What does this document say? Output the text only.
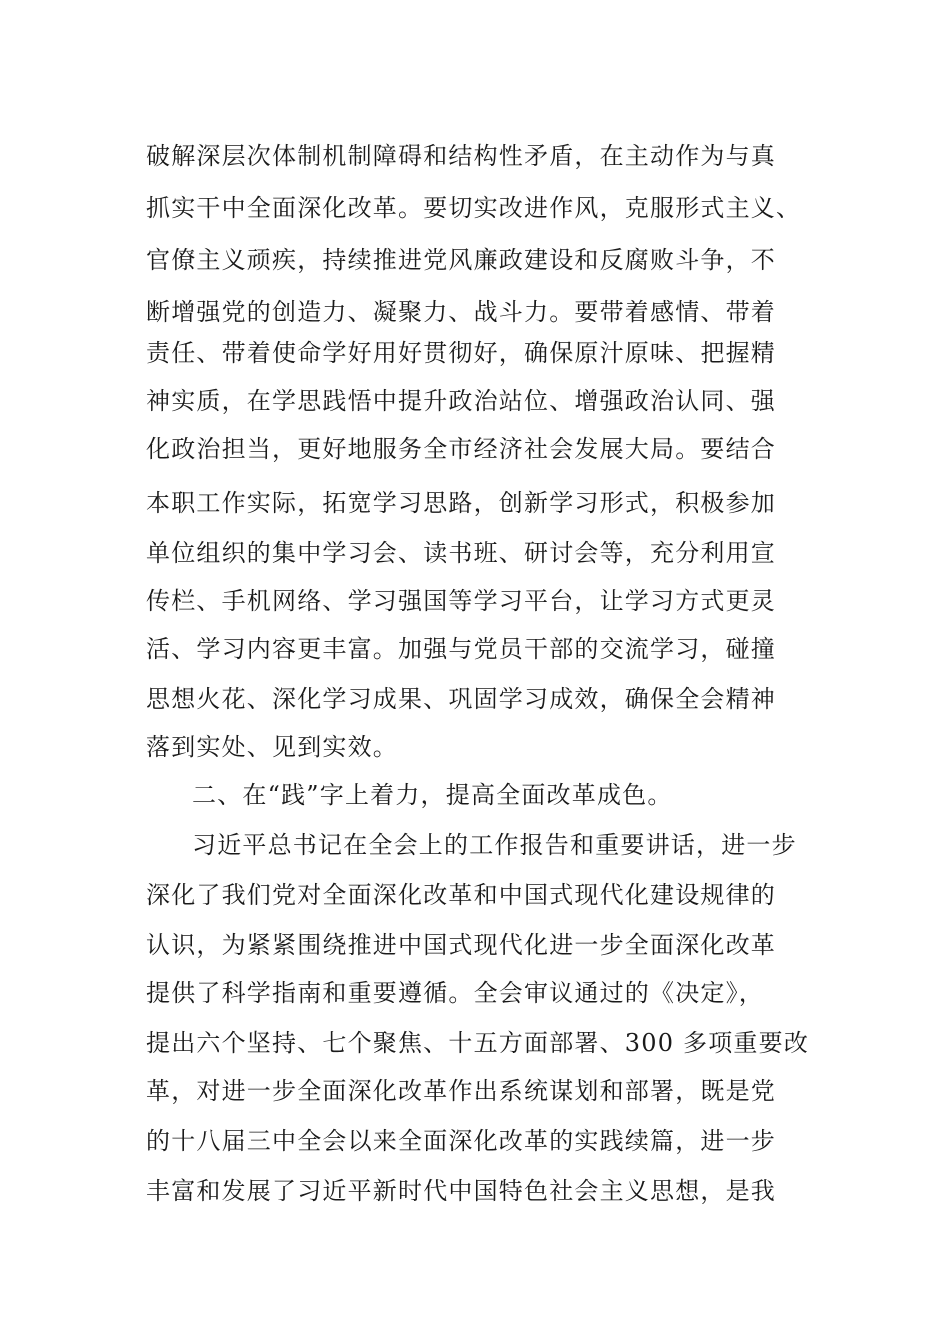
破解深层次体制机制障碍和结构性矛盾，在主动作为与真
抓实干中全面深化改革。要切实改进作风，克服形式主义、
官僚主义顽疾，持续推进党风廉政建设和反腐败斗争，不
断增强党的创造力、凝聚力、战斗力。要带着感情、带着
责任、带着使命学好用好贯彻好，确保原汁原味、把握精
神实质，在学思践悟中提升政治站位、增强政治认同、强
化政治担当，更好地服务全市经济社会发展大局。要结合
本职工作实际，拓宽学习思路，创新学习形式，积极参加
单位组织的集中学习会、读书班、研讨会等，充分利用宣
传栏、手机网络、学习强国等学习平台，让学习方式更灵
活、学习内容更丰富。加强与党员干部的交流学习，碰撞
思想火花、深化学习成果、巩固学习成效，确保全会精神
落到实处、见到实效。
二、在“践”字上着力，提高全面改革成色。
习近平总书记在全会上的工作报告和重要讲话，进一步
深化了我们党对全面深化改革和中国式现代化建设规律的
认识，为紧紧围绕推进中国式现代化进一步全面深化改革
提供了科学指南和重要遵循。全会审议通过的《决定》，
提出六个坚持、七个聚焦、十五方面部署、300 多项重要改
革，对进一步全面深化改革作出系统谋划和部署，既是党
的十八届三中全会以来全面深化改革的实践续篇，进一步
丰富和发展了习近平新时代中国特色社会主义思想，是我
